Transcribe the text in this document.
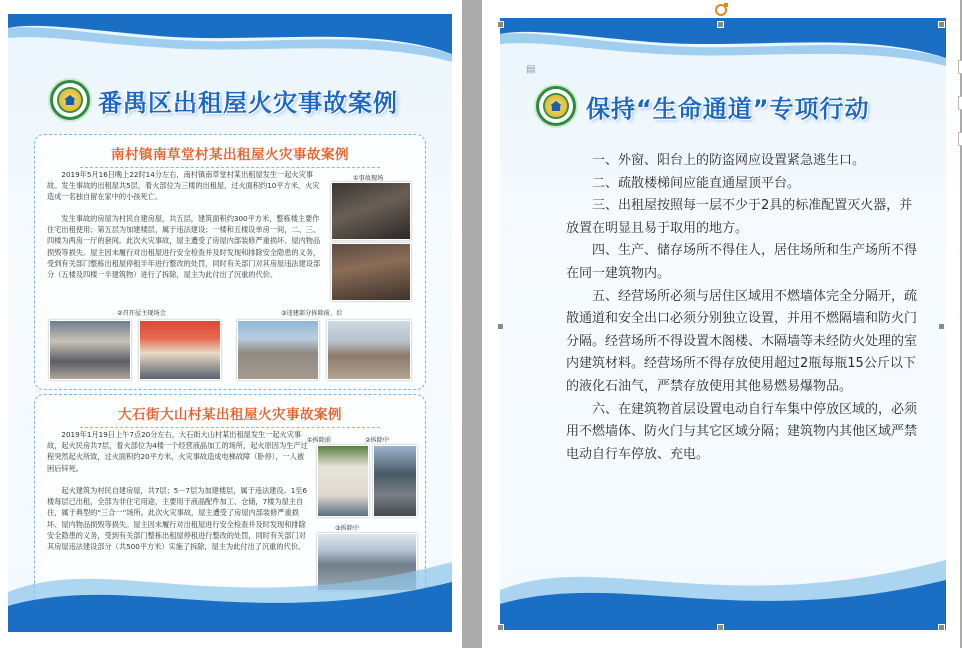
番禺区出租屋火灾事故案例
南村镇南草堂村某出租屋火灾事故案例
2019年5月16日晚上22时14分左右，南村镇南草堂村某出租屋发生一起火灾事故。发生事故的出租屋共5层，着火部位为三楼的出租屋，过火面积约10平方米，火灾造成一名独自留在家中的小孩死亡。
发生事故的房屋为村民自建房屋，共五层，建筑面积约300平方米，整栋楼主要作住宅出租使用；第五层为加建楼层，属于违法建设；一楼和五楼设单房一间，二、三、四楼为两房一厅的套间。此次火灾事故，屋主遭受了房屋内部装修严重损坏、屋内物品损毁等损失。屋主因未履行对出租屋进行安全检查并及时发现和排除安全隐患的义务，受到有关部门整栋出租屋停租半年进行整改的处罚，同时有关部门对其房屋违法建设部分（五楼及四楼一半建筑物）进行了拆除，屋主为此付出了沉重的代价。
①事故现场
②召开屋主现场会	③违建部分拆除前、后
大石街大山村某出租屋火灾事故案例
2019年1月19日上午7点20分左右，大石街大山村某出租屋发生一起火灾事故，起火民房共7层，着火部位为4楼一个经营液晶加工的场所，起火原因为生产过程突然起火所致，过火面积约20平方米，火灾事故造成电梯故障（卧停），一人被困后锌死。
起火建筑为村民自建房屋，共7层；5－7层为加建楼层，属于违法建设。1至6楼每层已出租，全部为非住宅用途，主要用于液晶配件加工、仓储，7楼为屋主自住，属于典型的“三合一”场所。此次火灾事故，屋主遭受了房屋内部装修严重损坏、屋内物品损毁等损失。屋主因未履行对出租屋进行安全检查并及时发现和排除安全隐患的义务，受到有关部门整栋出租屋停租进行整改的处罚，同时有关部门对其房屋违法建设部分（共500平方米）实施了拆除，屋主为此付出了沉重的代价。
①拆除前	②拆除中
③拆除中
▤
保持“生命通道”专项行动

一、外窗、阳台上的防盗网应设置紧急逃生口。

二、疏散楼梯间应能直通屋顶平台。

三、出租屋按照每一层不少于2具的标准配置灭火器，并放置在明显且易于取用的地方。

四、生产、储存场所不得住人，居住场所和生产场所不得在同一建筑物内。

五、经营场所必须与居住区域用不燃墙体完全分隔开，疏散通道和安全出口必须分别独立设置，并用不燃隔墙和防火门分隔。经营场所不得设置木阁楼、木隔墙等未经防火处理的室内建筑材料。经营场所不得存放使用超过2瓶每瓶15公斤以下的液化石油气，严禁存放使用其他易燃易爆物品。

六、在建筑物首层设置电动自行车集中停放区域的，必须用不燃墙体、防火门与其它区域分隔；建筑物内其他区域严禁电动自行车停放、充电。
